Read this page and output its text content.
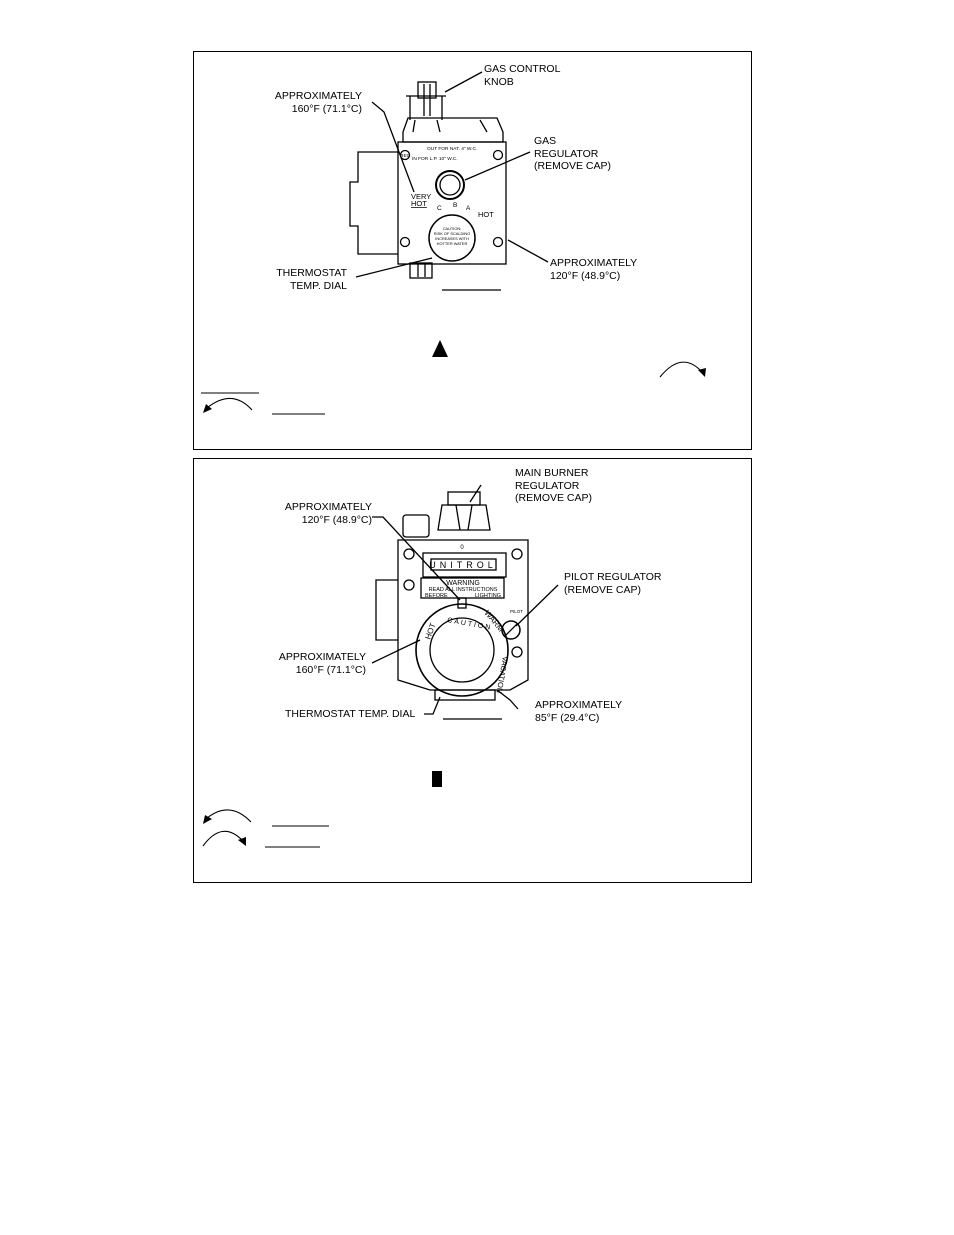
GAS CONTROL
KNOB
APPROXIMATELY
160°F (71.1°C)
GAS
REGULATOR
(REMOVE CAP)
THERMOSTAT
TEMP. DIAL
APPROXIMATELY
120°F (48.9°C)
OUT FOR NAT. 4" W.C.
REG.
IN FOR L.P. 10" W.C.
VERY
HOT
HOT
C B A
CAUTION:
RISK OF SCALDING
INCREASES WITH
HOTTER WATER
MAIN BURNER
REGULATOR
(REMOVE CAP)
APPROXIMATELY
120°F (48.9°C)
PILOT REGULATOR
(REMOVE CAP)
APPROXIMATELY
160°F (71.1°C)
THERMOSTAT TEMP. DIAL
APPROXIMATELY
85°F (29.4°C)
0
UNITROL
WARNING
READ ALL INSTRUCTIONS
BEFORE	LIGHTING
PILOT
HOT	WARM
VACATION
CAUTION
